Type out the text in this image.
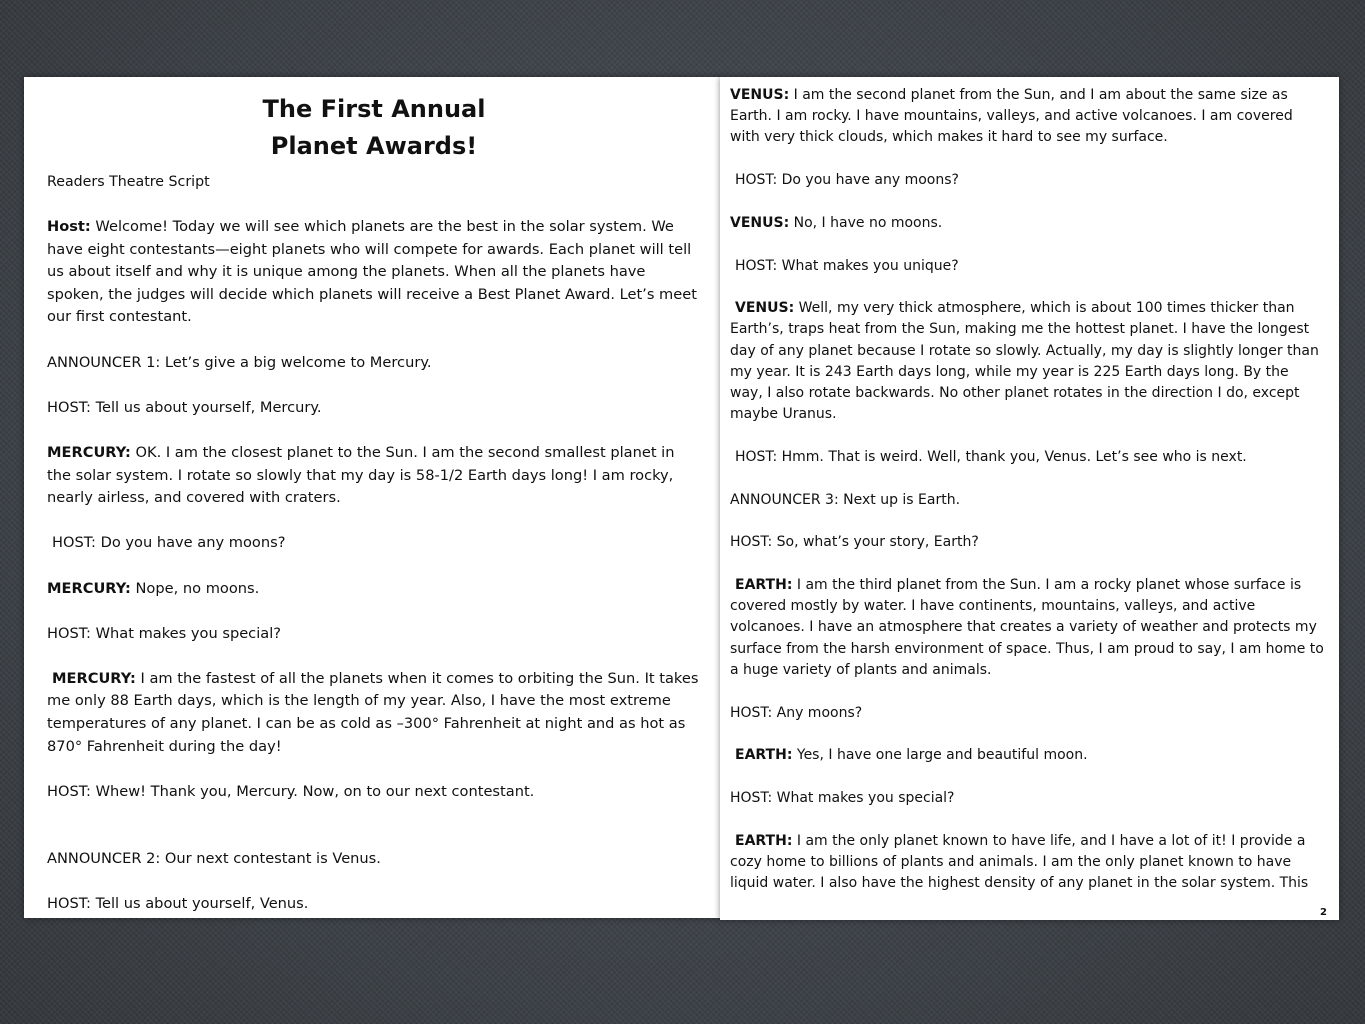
The First Annual
Planet Awards!
Readers Theatre Script

Host: Welcome! Today we will see which planets are the best in the solar system. We have eight contestants—eight planets who will compete for awards. Each planet will tell us about itself and why it is unique among the planets. When all the planets have spoken, the judges will decide which planets will receive a Best Planet Award. Let’s meet our first contestant.

ANNOUNCER 1: Let’s give a big welcome to Mercury.

HOST: Tell us about yourself, Mercury.

MERCURY: OK. I am the closest planet to the Sun. I am the second smallest planet in the solar system. I rotate so slowly that my day is 58-1/2 Earth days long! I am rocky, nearly airless, and covered with craters.

HOST: Do you have any moons?

MERCURY: Nope, no moons.

HOST: What makes you special?

MERCURY: I am the fastest of all the planets when it comes to orbiting the Sun. It takes me only 88 Earth days, which is the length of my year. Also, I have the most extreme temperatures of any planet. I can be as cold as –300° Fahrenheit at night and as hot as 870° Fahrenheit during the day!

HOST: Whew! Thank you, Mercury. Now, on to our next contestant.

ANNOUNCER 2: Our next contestant is Venus.

HOST: Tell us about yourself, Venus.

VENUS: I am the second planet from the Sun, and I am about the same size as Earth. I am rocky. I have mountains, valleys, and active volcanoes. I am covered with very thick clouds, which makes it hard to see my surface.

HOST: Do you have any moons?

VENUS: No, I have no moons.

HOST: What makes you unique?

VENUS: Well, my very thick atmosphere, which is about 100 times thicker than Earth’s, traps heat from the Sun, making me the hottest planet. I have the longest day of any planet because I rotate so slowly. Actually, my day is slightly longer than my year. It is 243 Earth days long, while my year is 225 Earth days long. By the way, I also rotate backwards. No other planet rotates in the direction I do, except maybe Uranus.

HOST: Hmm. That is weird. Well, thank you, Venus. Let’s see who is next.

ANNOUNCER 3: Next up is Earth.

HOST: So, what’s your story, Earth?

EARTH: I am the third planet from the Sun. I am a rocky planet whose surface is covered mostly by water. I have continents, mountains, valleys, and active volcanoes. I have an atmosphere that creates a variety of weather and protects my surface from the harsh environment of space. Thus, I am proud to say, I am home to a huge variety of plants and animals.

HOST: Any moons?

EARTH: Yes, I have one large and beautiful moon.

HOST: What makes you special?

EARTH: I am the only planet known to have life, and I have a lot of it! I provide a cozy home to billions of plants and animals. I am the only planet known to have liquid water. I also have the highest density of any planet in the solar system. This

2
